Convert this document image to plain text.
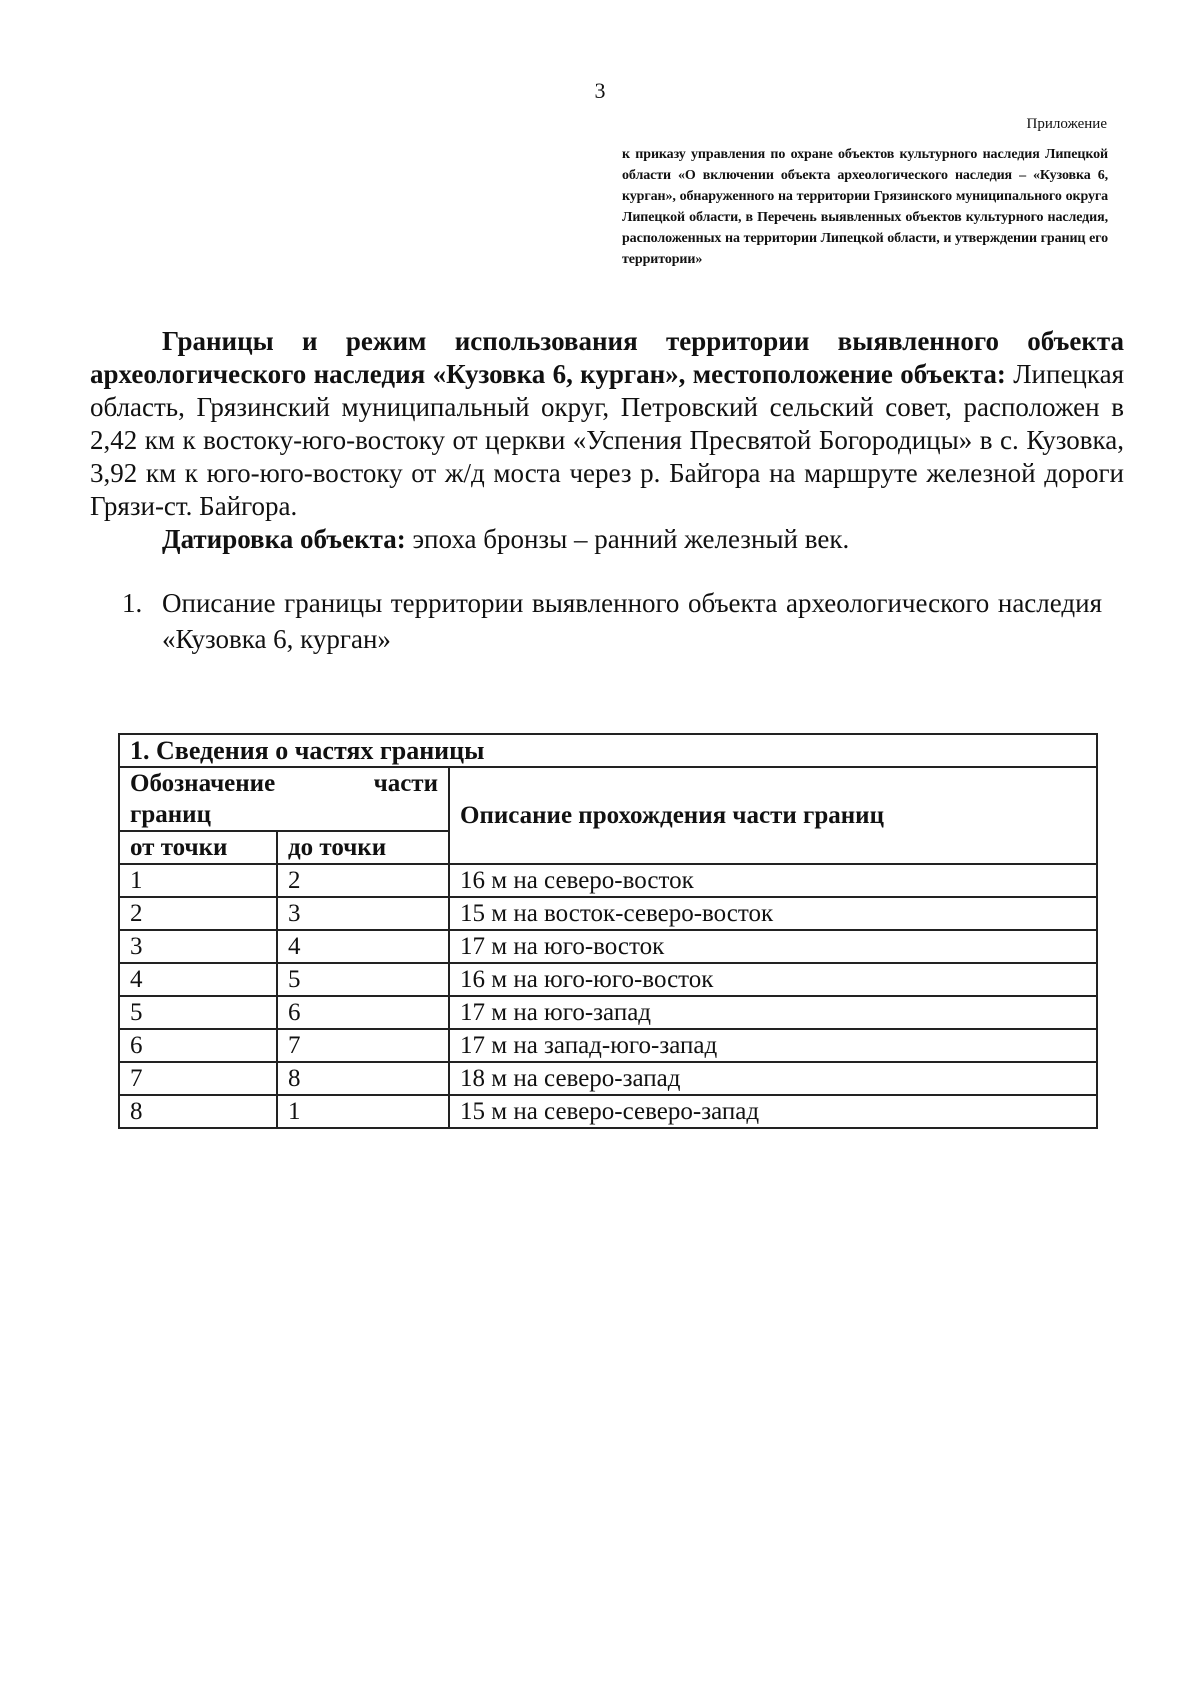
3
Приложение
к приказу управления по охране объектов культурного наследия Липецкой области «О включении объекта археологического наследия – «Кузовка 6, курган», обнаруженного на территории Грязинского муниципального округа Липецкой области, в Перечень выявленных объектов культурного наследия, расположенных на территории Липецкой области, и утверждении границ его территории»

Границы и режим использования территории выявленного объекта археологического наследия «Кузовка 6, курган», местоположение объекта: Липецкая область, Грязинский муниципальный округ, Петровский сельский совет, расположен в 2,42 км к востоку-юго-востоку от церкви «Успения Пресвятой Богородицы» в с. Кузовка, 3,92 км к юго-юго-востоку от ж/д моста через р. Байгора на маршруте железной дороги Грязи-ст. Байгора.

Датировка объекта: эпоха бронзы – ранний железный век.

1. Описание границы территории выявленного объекта археологического наследия «Кузовка 6, курган»
1. Сведения о частях границы		

Обозначение части
границ		Описание прохождения части границ
от точки	до точки	
1	2	16 м на северо-восток
2	3	15 м на восток-северо-восток
3	4	17 м на юго-восток
4	5	16 м на юго-юго-восток
5	6	17 м на юго-запад
6	7	17 м на запад-юго-запад
7	8	18 м на северо-запад
8	1	15 м на северо-северо-запад
